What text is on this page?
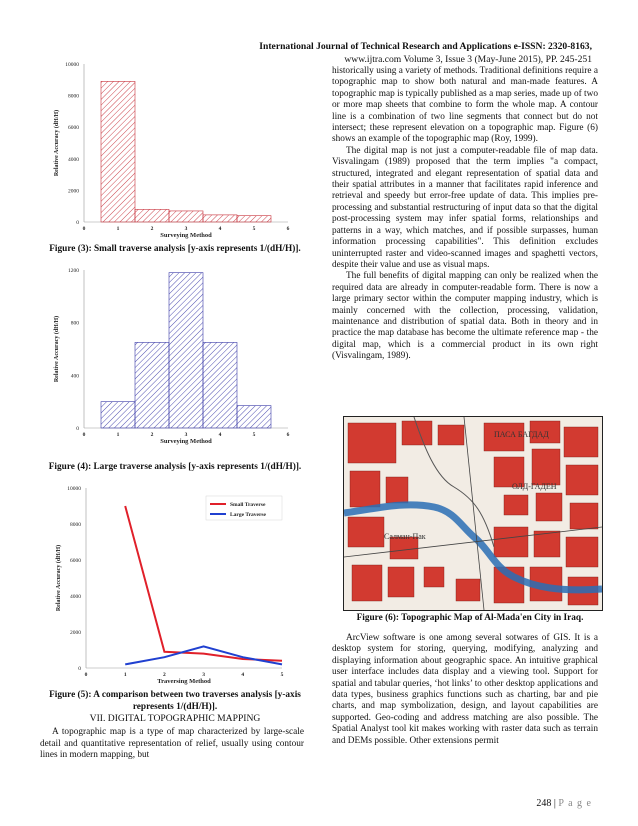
International Journal of Technical Research and Applications e-ISSN: 2320-8163,
www.ijtra.com Volume 3, Issue 3 (May-June 2015), PP. 245-251
0
2000
4000
6000
8000
10000
0	1	2	3	4	5	6
Surveying Method
Relative Accuracy (dH/H)
Figure (3): Small traverse analysis [y-axis represents 1/(dH/H)].
0
400
800
1200
0	1	2	3	4	5	6
Surveying Method
Relative Accuracy (dH/H)
Figure (4): Large traverse analysis [y-axis represents 1/(dH/H)].
0
2000
4000
6000
8000
10000
0	1	2	3	4	5
Traversing Method
Relative Accuracy (dH/H)
Small Traverse
Large Traverse
Figure (5): A comparison between two traverses analysis [y-axis represents 1/(dH/H)].
VII. DIGITAL TOPOGRAPHIC MAPPING

A topographic map is a type of map characterized by large-scale detail and quantitative representation of relief, usually using contour lines in modern mapping, but

historically using a variety of methods. Traditional definitions require a topographic map to show both natural and man-made features. A topographic map is typically published as a map series, made up of two or more map sheets that combine to form the whole map. A contour line is a combination of two line segments that connect but do not intersect; these represent elevation on a topographic map. Figure (6) shows an example of the topographic map (Roy, 1999).

The digital map is not just a computer-readable file of map data. Visvalingam (1989) proposed that the term implies "a compact, structured, integrated and elegant representation of spatial data and their spatial attributes in a manner that facilitates rapid inference and retrieval and speedy but error-free update of data. This implies pre-processing and substantial restructuring of input data so that the digital post-processing system may infer spatial forms, relationships and patterns in a way, which matches, and if possible surpasses, human information processing capabilities". This definition excludes uninterrupted raster and video-scanned images and spaghetti vectors, despite their value and use as visual maps.

The full benefits of digital mapping can only be realized when the required data are already in computer-readable form. There is now a large primary sector within the computer mapping industry, which is mainly concerned with the collection, processing, validation, maintenance and distribution of spatial data. Both in theory and in practice the map database has become the ultimate reference map - the digital map, which is a commercial product in its own right (Visvalingam, 1989).

ПАСА БАГДАД
Салман-Пак
ОЛД-ГАДЕН
Figure (6): Topographic Map of Al-Mada'en City in Iraq.

ArcView software is one among several sotwares of GIS. It is a desktop system for storing, querying, modifying, analyzing and displaying information about geographic space. An intuitive graphical user interface includes data display and a viewing tool. Support for spatial and tabular queries, ‘hot links’ to other desktop applications and data types, business graphics functions such as charting, bar and pie charts, and map symbolization, design, and layout capabilities are supported. Geo-coding and address matching are also possible. The Spatial Analyst tool kit makes working with raster data such as terrain and DEMs possible. Other extensions permit

248 | P a g e
